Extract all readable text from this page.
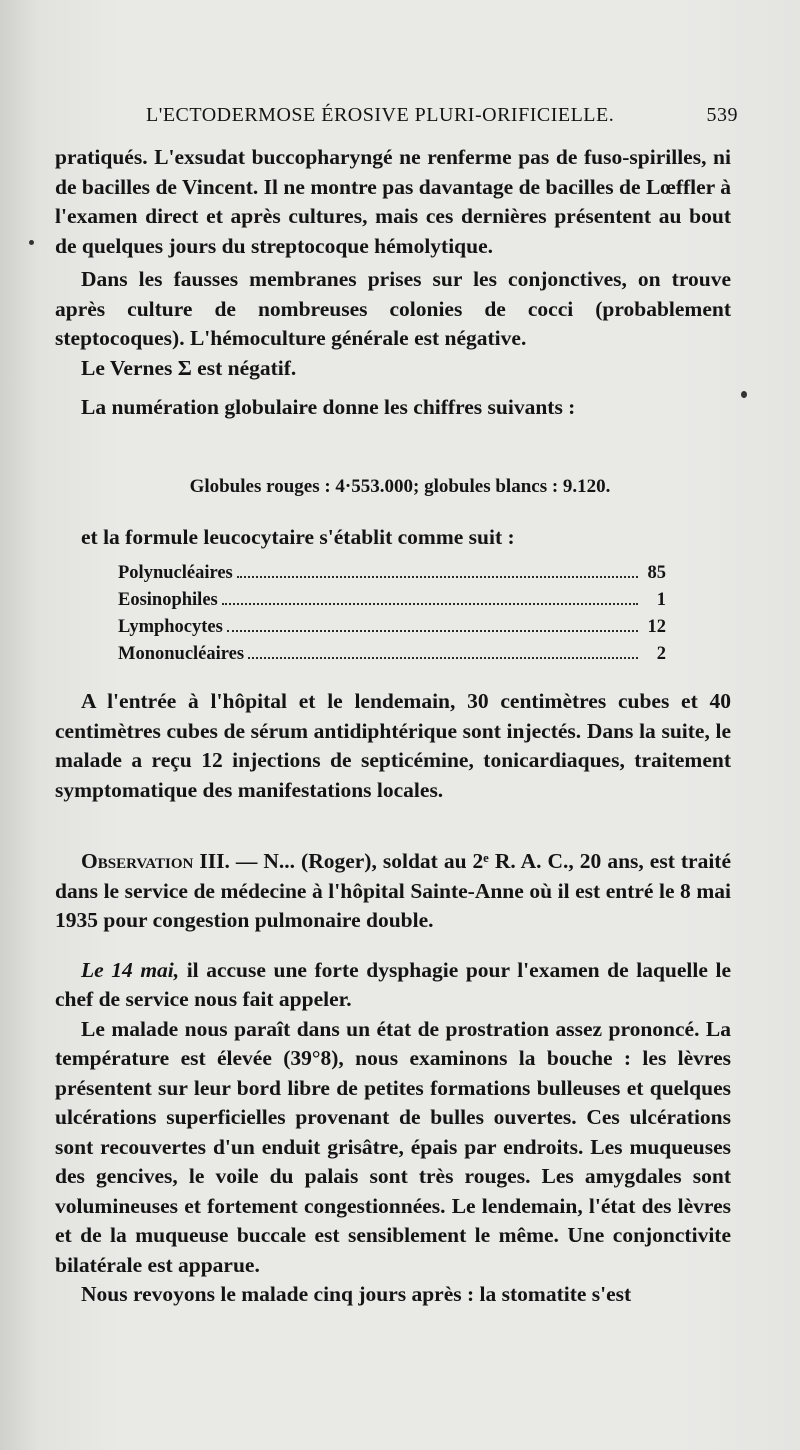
L'ECTODERMOSE ÉROSIVE PLURI-ORIFICIELLE.	539

pratiqués. L'exsudat buccopharyngé ne renferme pas de fuso-spirilles, ni de bacilles de Vincent. Il ne montre pas davantage de bacilles de Lœffler à l'examen direct et après cultures, mais ces dernières présentent au bout de quelques jours du streptocoque hémolytique.

Dans les fausses membranes prises sur les conjonctives, on trouve après culture de nombreuses colonies de cocci (probablement steptocoques). L'hémoculture générale est négative.

Le Vernes Σ est négatif.

La numération globulaire donne les chiffres suivants :

Globules rouges : 4·553.000; globules blancs : 9.120.

et la formule leucocytaire s'établit comme suit :

Polynucléaires	85
Eosinophiles	1
Lymphocytes	12
Mononucléaires	2

A l'entrée à l'hôpital et le lendemain, 30 centimètres cubes et 40 centimètres cubes de sérum antidiphtérique sont injectés. Dans la suite, le malade a reçu 12 injections de septicémine, tonicardiaques, traitement symptomatique des manifestations locales.

Observation III. — N... (Roger), soldat au 2ᵉ R. A. C., 20 ans, est traité dans le service de médecine à l'hôpital Sainte-Anne où il est entré le 8 mai 1935 pour congestion pulmonaire double.

Le 14 mai, il accuse une forte dysphagie pour l'examen de laquelle le chef de service nous fait appeler.

Le malade nous paraît dans un état de prostration assez prononcé. La température est élevée (39°8), nous examinons la bouche : les lèvres présentent sur leur bord libre de petites formations bulleuses et quelques ulcérations superficielles provenant de bulles ouvertes. Ces ulcérations sont recouvertes d'un enduit grisâtre, épais par endroits. Les muqueuses des gencives, le voile du palais sont très rouges. Les amygdales sont volumineuses et fortement congestionnées. Le lendemain, l'état des lèvres et de la muqueuse buccale est sensiblement le même. Une conjonctivite bilatérale est apparue.

Nous revoyons le malade cinq jours après : la stomatite s'est
